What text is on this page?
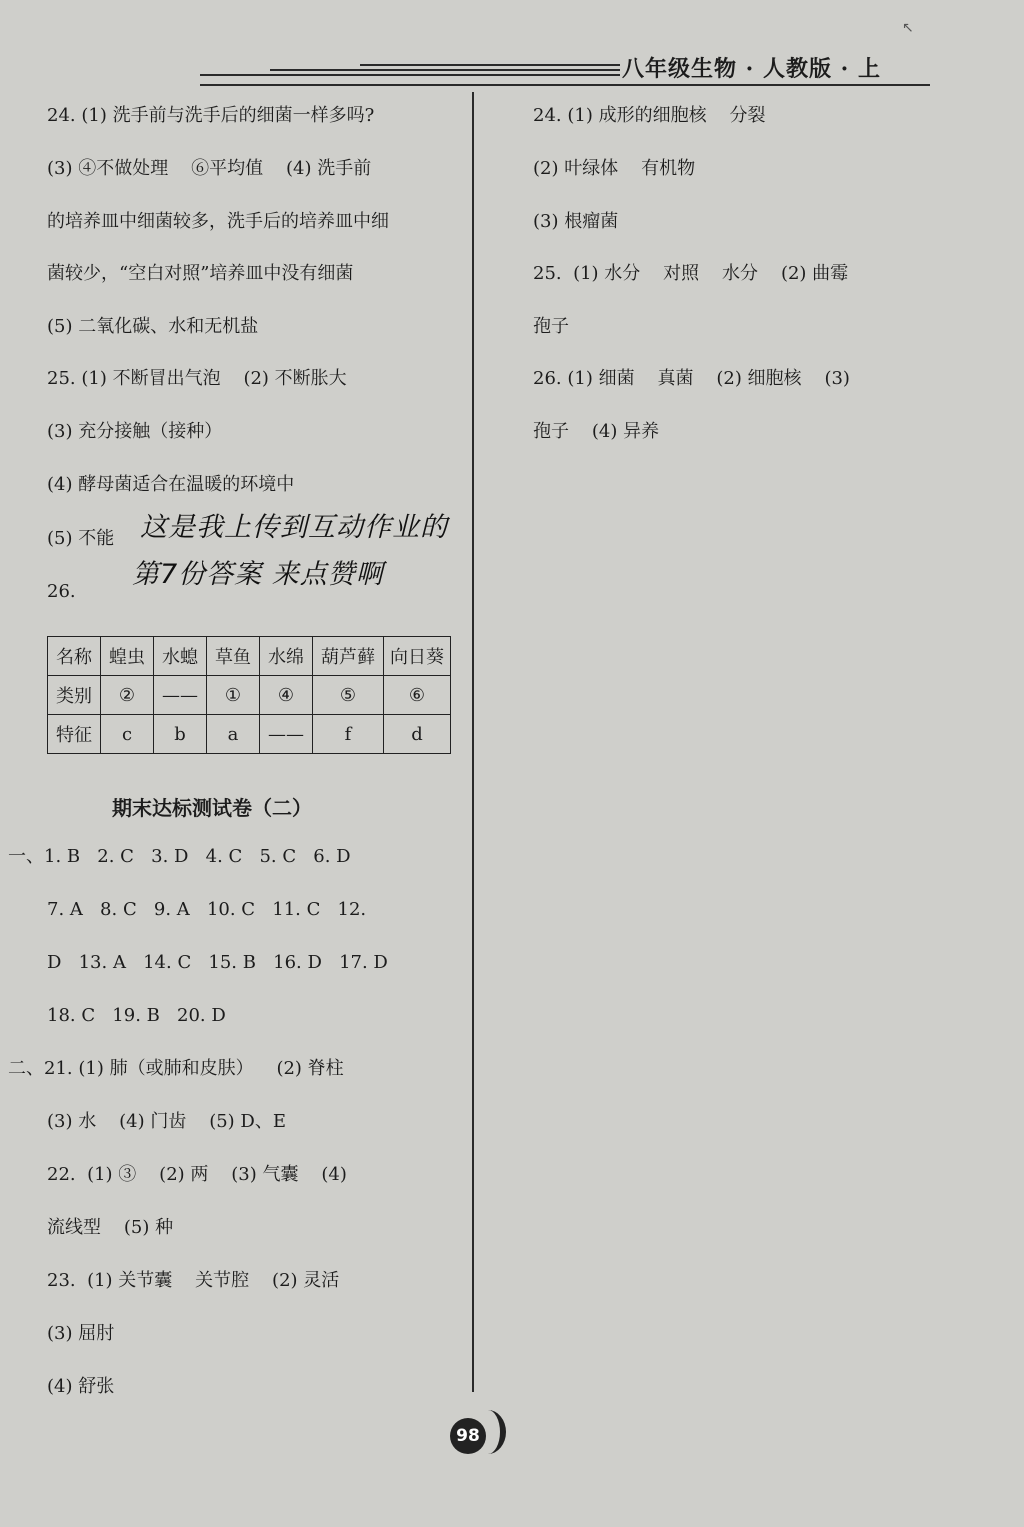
↖
八年级生物 · 人教版 · 上
24. (1) 洗手前与洗手后的细菌一样多吗?
(3) ④不做处理    ⑥平均值    (4) 洗手前
的培养皿中细菌较多，洗手后的培养皿中细
菌较少，“空白对照”培养皿中没有细菌
(5) 二氧化碳、水和无机盐
25. (1) 不断冒出气泡    (2) 不断胀大
(3) 充分接触（接种）
(4) 酵母菌适合在温暖的环境中
(5) 不能
26.
这是我上传到互动作业的
第7份答案 来点赞啊
名称	蝗虫	水螅	草鱼	水绵	葫芦藓	向日葵
类别	②	——	①	④	⑤	⑥
特征	c	b	a	——	f	d
期末达标测试卷（二）
一、1. B   2. C   3. D   4. C   5. C   6. D
7. A   8. C   9. A   10. C   11. C   12.
D   13. A   14. C   15. B   16. D   17. D
18. C   19. B   20. D
二、21. (1) 肺（或肺和皮肤）    (2) 脊柱
(3) 水    (4) 门齿    (5) D、E
22.  (1) ③    (2) 两    (3) 气囊    (4)
流线型    (5) 种
23.  (1) 关节囊    关节腔    (2) 灵活
(3) 屈肘
(4) 舒张
24. (1) 成形的细胞核    分裂
(2) 叶绿体    有机物
(3) 根瘤菌
25.  (1) 水分    对照    水分    (2) 曲霉
孢子
26. (1) 细菌    真菌    (2) 细胞核    (3)
孢子    (4) 异养
98
